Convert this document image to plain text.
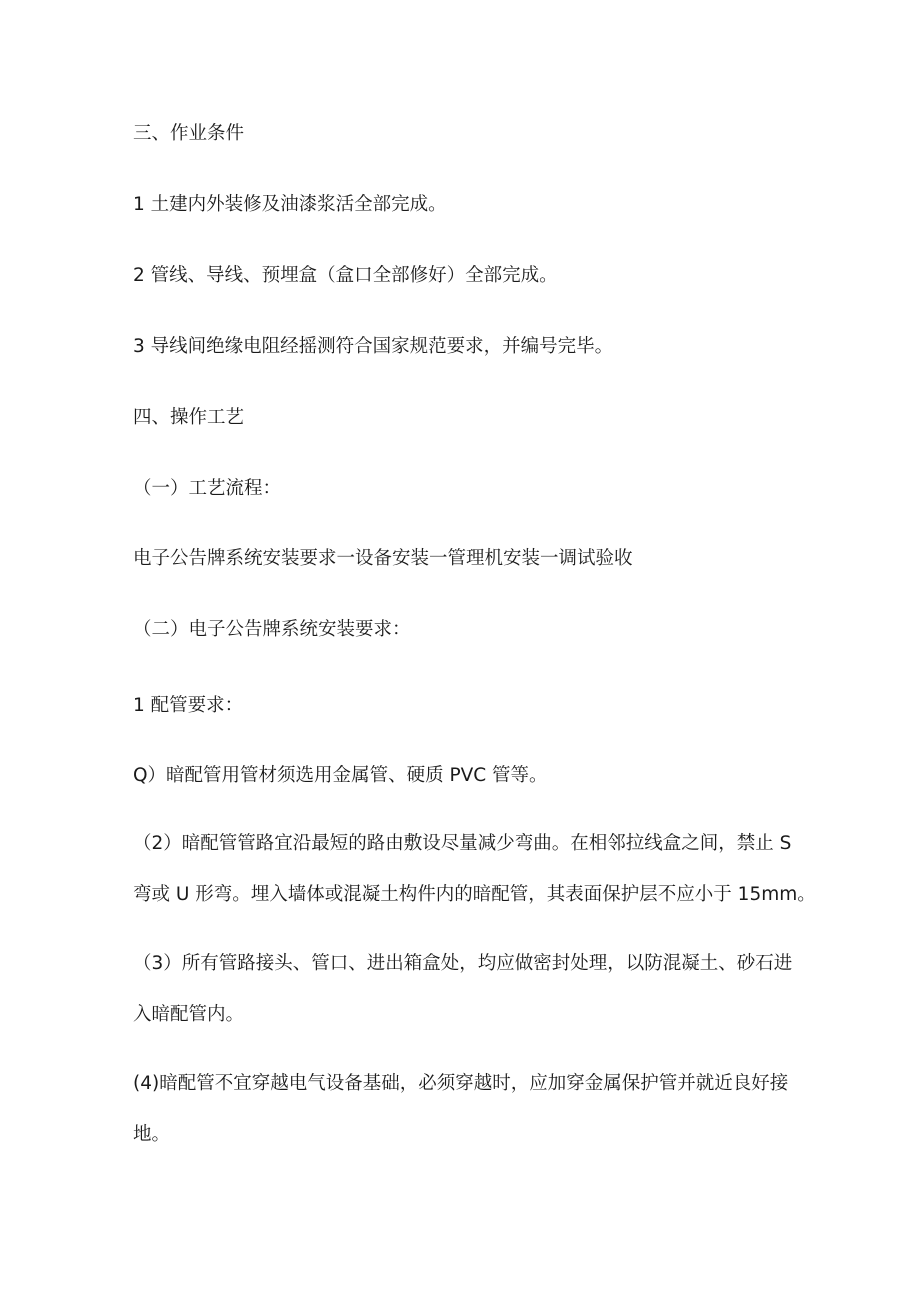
三、作业条件
1 土建内外装修及油漆浆活全部完成。
2 管线、导线、预埋盒（盒口全部修好）全部完成。
3 导线间绝缘电阻经摇测符合国家规范要求，并编号完毕。
四、操作工艺
（一）工艺流程：
电子公告牌系统安装要求一设备安装一管理机安装一调试验收
（二）电子公告牌系统安装要求：
1 配管要求：
Q）暗配管用管材须选用金属管、硬质 PVC 管等。
（2）暗配管管路宜沿最短的路由敷设尽量减少弯曲。在相邻拉线盒之间，禁止 S
弯或 U 形弯。埋入墙体或混凝土构件内的暗配管，其表面保护层不应小于 15mm。
（3）所有管路接头、管口、进出箱盒处，均应做密封处理，以防混凝土、砂石进
入暗配管内。
(4)暗配管不宜穿越电气设备基础，必须穿越时，应加穿金属保护管并就近良好接
地。
